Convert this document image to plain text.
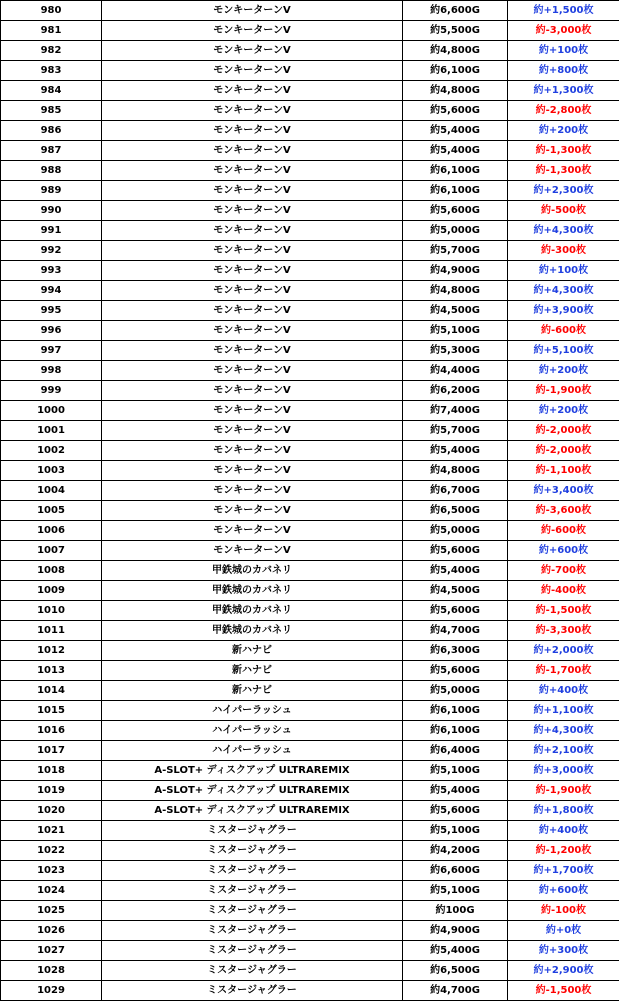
980	モンキーターンV	約6,600G	約+1,500枚
981	モンキーターンV	約5,500G	約-3,000枚
982	モンキーターンV	約4,800G	約+100枚
983	モンキーターンV	約6,100G	約+800枚
984	モンキーターンV	約4,800G	約+1,300枚
985	モンキーターンV	約5,600G	約-2,800枚
986	モンキーターンV	約5,400G	約+200枚
987	モンキーターンV	約5,400G	約-1,300枚
988	モンキーターンV	約6,100G	約-1,300枚
989	モンキーターンV	約6,100G	約+2,300枚
990	モンキーターンV	約5,600G	約-500枚
991	モンキーターンV	約5,000G	約+4,300枚
992	モンキーターンV	約5,700G	約-300枚
993	モンキーターンV	約4,900G	約+100枚
994	モンキーターンV	約4,800G	約+4,300枚
995	モンキーターンV	約4,500G	約+3,900枚
996	モンキーターンV	約5,100G	約-600枚
997	モンキーターンV	約5,300G	約+5,100枚
998	モンキーターンV	約4,400G	約+200枚
999	モンキーターンV	約6,200G	約-1,900枚
1000	モンキーターンV	約7,400G	約+200枚
1001	モンキーターンV	約5,700G	約-2,000枚
1002	モンキーターンV	約5,400G	約-2,000枚
1003	モンキーターンV	約4,800G	約-1,100枚
1004	モンキーターンV	約6,700G	約+3,400枚
1005	モンキーターンV	約6,500G	約-3,600枚
1006	モンキーターンV	約5,000G	約-600枚
1007	モンキーターンV	約5,600G	約+600枚
1008	甲鉄城のカバネリ	約5,400G	約-700枚
1009	甲鉄城のカバネリ	約4,500G	約-400枚
1010	甲鉄城のカバネリ	約5,600G	約-1,500枚
1011	甲鉄城のカバネリ	約4,700G	約-3,300枚
1012	新ハナビ	約6,300G	約+2,000枚
1013	新ハナビ	約5,600G	約-1,700枚
1014	新ハナビ	約5,000G	約+400枚
1015	ハイパーラッシュ	約6,100G	約+1,100枚
1016	ハイパーラッシュ	約6,100G	約+4,300枚
1017	ハイパーラッシュ	約6,400G	約+2,100枚
1018	A-SLOT+ ディスクアップ ULTRAREMIX	約5,100G	約+3,000枚
1019	A-SLOT+ ディスクアップ ULTRAREMIX	約5,400G	約-1,900枚
1020	A-SLOT+ ディスクアップ ULTRAREMIX	約5,600G	約+1,800枚
1021	ミスタージャグラー	約5,100G	約+400枚
1022	ミスタージャグラー	約4,200G	約-1,200枚
1023	ミスタージャグラー	約6,600G	約+1,700枚
1024	ミスタージャグラー	約5,100G	約+600枚
1025	ミスタージャグラー	約100G	約-100枚
1026	ミスタージャグラー	約4,900G	約+0枚
1027	ミスタージャグラー	約5,400G	約+300枚
1028	ミスタージャグラー	約6,500G	約+2,900枚
1029	ミスタージャグラー	約4,700G	約-1,500枚
